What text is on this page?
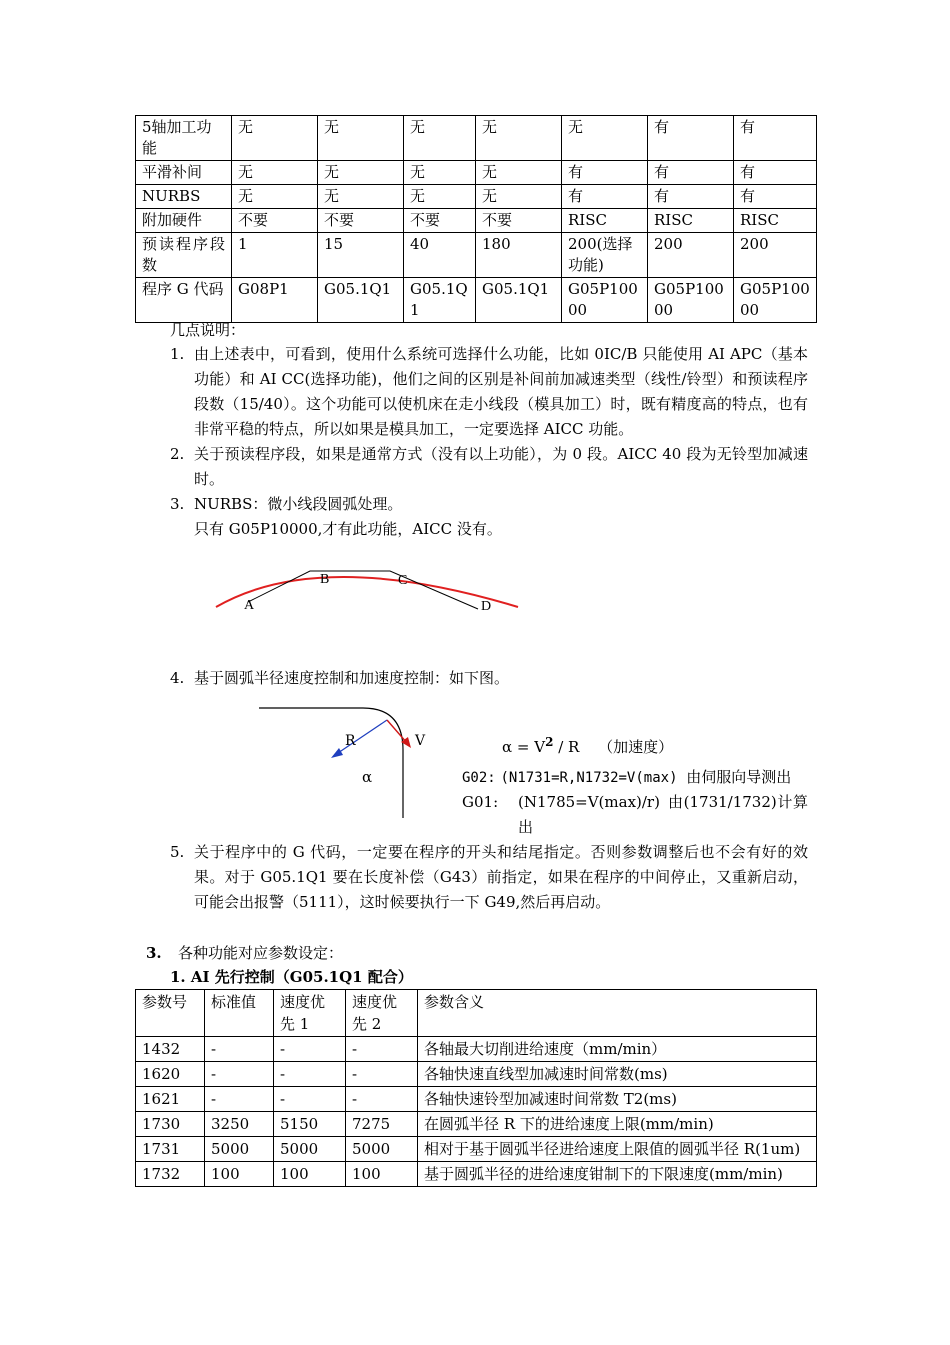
5轴加工功能	无	无	无	无	无	有	有
平滑补间	无	无	无	无	有	有	有
NURBS	无	无	无	无	有	有	有
附加硬件	不要	不要	不要	不要	RISC	RISC	RISC
预读程序段 数	1	15	40	180	200(选择功能)	200	200
程序 G 代码	G08P1	G05.1Q1	G05.1Q1	G05.1Q1	G05P10000	G05P10000	G05P10000
几点说明：
1. 由上述表中，可看到，使用什么系统可选择什么功能，比如 0IC/B 只能使用 AI APC（基本功能）和 AI CC(选择功能)，他们之间的区别是补间前加减速类型（线性/铃型）和预读程序段数（15/40）。这个功能可以使机床在走小线段（模具加工）时，既有精度高的特点，也有非常平稳的特点，所以如果是模具加工，一定要选择 AICC 功能。
2. 关于预读程序段，如果是通常方式（没有以上功能），为 0 段。AICC 40 段为无铃型加减速时。
3. NURBS：微小线段圆弧处理。
只有 G05P10000,才有此功能，AICC 没有。
A
B	C
D
4. 基于圆弧半径速度控制和加速度控制：如下图。
R	V
α
$\alpha = V^2 / R$ （加速度）
G02: (N1731=R,N1732=V(max) 由伺服向导测出
G01: (N1785=V(max)/r) 由(1731/1732)计算出
5. 关于程序中的 G 代码，一定要在程序的开头和结尾指定。否则参数调整后也不会有好的效果。对于 G05.1Q1 要在长度补偿（G43）前指定，如果在程序的中间停止，又重新启动，可能会出报警（5111），这时候要执行一下 G49,然后再启动。
3. 各种功能对应参数设定：
1. AI 先行控制（G05.1Q1 配合）
参数号	标准值	速度优先 1	速度优先 2	参数含义
1432	-	-	-	各轴最大切削进给速度（mm/min）
1620	-	-	-	各轴快速直线型加减速时间常数(ms)
1621	-	-	-	各轴快速铃型加减速时间常数 T2(ms)
1730	3250	5150	7275	在圆弧半径 R 下的进给速度上限(mm/min)
1731	5000	5000	5000	相对于基于圆弧半径进给速度上限值的圆弧半径 R(1um)
1732	100	100	100	基于圆弧半径的进给速度钳制下的下限速度(mm/min)
